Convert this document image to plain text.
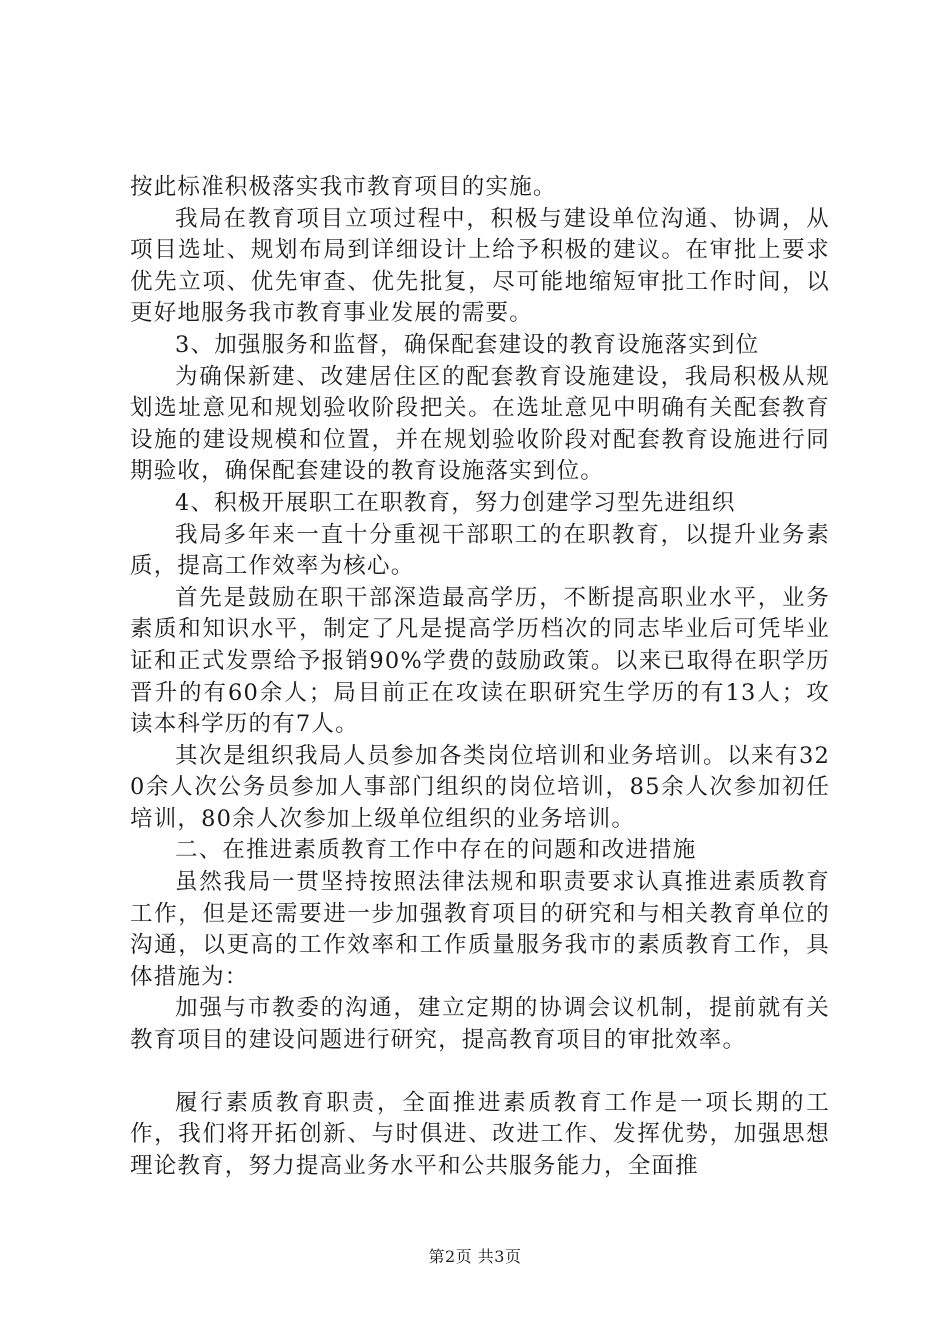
按此标准积极落实我市教育项目的实施。

我局在教育项目立项过程中，积极与建设单位沟通、协调，从项目选址、规划布局到详细设计上给予积极的建议。在审批上要求优先立项、优先审查、优先批复，尽可能地缩短审批工作时间，以更好地服务我市教育事业发展的需要。

3、加强服务和监督，确保配套建设的教育设施落实到位

为确保新建、改建居住区的配套教育设施建设，我局积极从规划选址意见和规划验收阶段把关。在选址意见中明确有关配套教育设施的建设规模和位置，并在规划验收阶段对配套教育设施进行同期验收，确保配套建设的教育设施落实到位。

4、积极开展职工在职教育，努力创建学习型先进组织

我局多年来一直十分重视干部职工的在职教育，以提升业务素质，提高工作效率为核心。

首先是鼓励在职干部深造最高学历，不断提高职业水平，业务素质和知识水平，制定了凡是提高学历档次的同志毕业后可凭毕业证和正式发票给予报销90%学费的鼓励政策。以来已取得在职学历晋升的有60余人；局目前正在攻读在职研究生学历的有13人；攻读本科学历的有7人。

其次是组织我局人员参加各类岗位培训和业务培训。以来有320余人次公务员参加人事部门组织的岗位培训，85余人次参加初任培训，80余人次参加上级单位组织的业务培训。

二、在推进素质教育工作中存在的问题和改进措施

虽然我局一贯坚持按照法律法规和职责要求认真推进素质教育工作，但是还需要进一步加强教育项目的研究和与相关教育单位的沟通，以更高的工作效率和工作质量服务我市的素质教育工作，具体措施为：

加强与市教委的沟通，建立定期的协调会议机制，提前就有关教育项目的建设问题进行研究，提高教育项目的审批效率。

履行素质教育职责，全面推进素质教育工作是一项长期的工作，我们将开拓创新、与时俱进、改进工作、发挥优势，加强思想理论教育，努力提高业务水平和公共服务能力，全面推

第2页 共3页
